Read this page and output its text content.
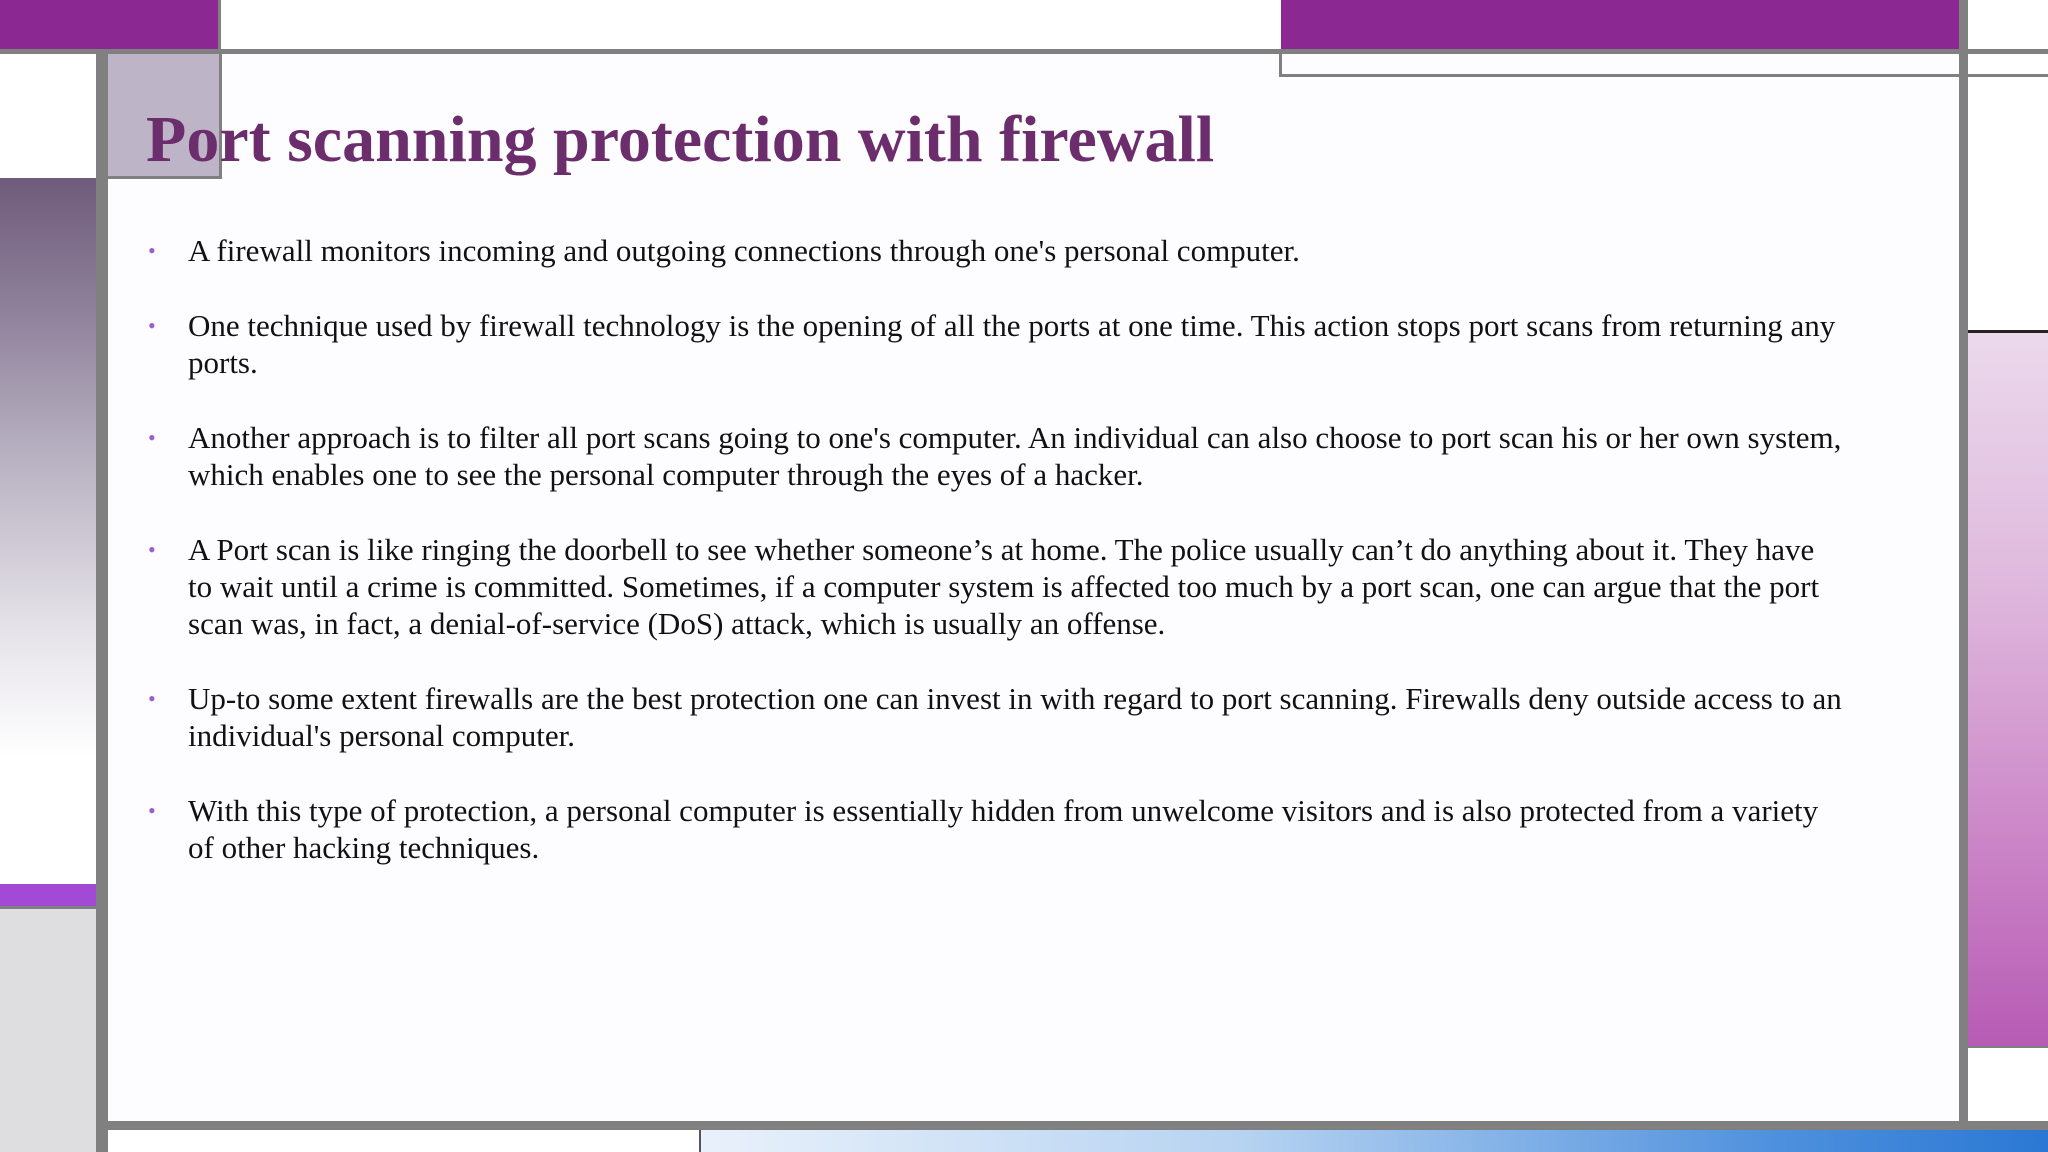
Port scanning protection with firewall
• A firewall monitors incoming and outgoing connections through one's personal computer.
• One technique used by firewall technology is the opening of all the ports at one time. This action stops port scans from returning any ports.
• Another approach is to filter all port scans going to one's computer. An individual can also choose to port scan his or her own system, which enables one to see the personal computer through the eyes of a hacker.
• A Port scan is like ringing the doorbell to see whether someone’s at home. The police usually can’t do anything about it. They have to wait until a crime is committed. Sometimes, if a computer system is affected too much by a port scan, one can argue that the port scan was, in fact, a denial-of-service (DoS) attack, which is usually an offense.
• Up-to some extent firewalls are the best protection one can invest in with regard to port scanning. Firewalls deny outside access to an individual's personal computer.
• With this type of protection, a personal computer is essentially hidden from unwelcome visitors and is also protected from a variety of other hacking techniques.
